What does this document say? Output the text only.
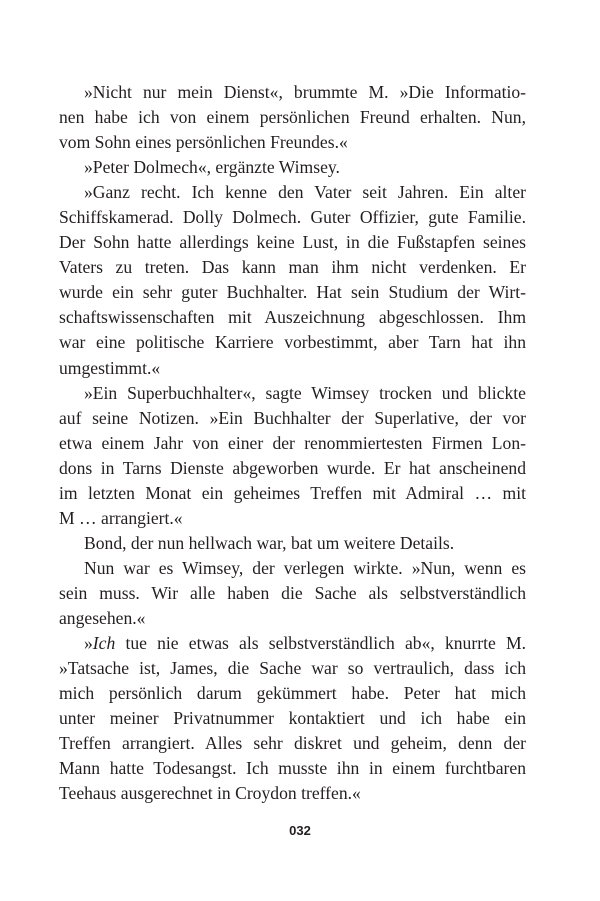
»Nicht nur mein Dienst«, brummte M. »Die Informatio-
nen habe ich von einem persönlichen Freund erhalten. Nun,
vom Sohn eines persönlichen Freundes.«
»Peter Dolmech«, ergänzte Wimsey.
»Ganz recht. Ich kenne den Vater seit Jahren. Ein alter
Schiffskamerad. Dolly Dolmech. Guter Offizier, gute Familie.
Der Sohn hatte allerdings keine Lust, in die Fußstapfen seines
Vaters zu treten. Das kann man ihm nicht verdenken. Er
wurde ein sehr guter Buchhalter. Hat sein Studium der Wirt-
schaftswissenschaften mit Auszeichnung abgeschlossen. Ihm
war eine politische Karriere vorbestimmt, aber Tarn hat ihn
umgestimmt.«
»Ein Superbuchhalter«, sagte Wimsey trocken und blickte
auf seine Notizen. »Ein Buchhalter der Superlative, der vor
etwa einem Jahr von einer der renommiertesten Firmen Lon-
dons in Tarns Dienste abgeworben wurde. Er hat anscheinend
im letzten Monat ein geheimes Treffen mit Admiral … mit
M … arrangiert.«
Bond, der nun hellwach war, bat um weitere Details.
Nun war es Wimsey, der verlegen wirkte. »Nun, wenn es
sein muss. Wir alle haben die Sache als selbstverständlich
angesehen.«
»Ich tue nie etwas als selbstverständlich ab«, knurrte M.
»Tatsache ist, James, die Sache war so vertraulich, dass ich
mich persönlich darum gekümmert habe. Peter hat mich
unter meiner Privatnummer kontaktiert und ich habe ein
Treffen arrangiert. Alles sehr diskret und geheim, denn der
Mann hatte Todesangst. Ich musste ihn in einem furchtbaren
Teehaus ausgerechnet in Croydon treffen.«
032
